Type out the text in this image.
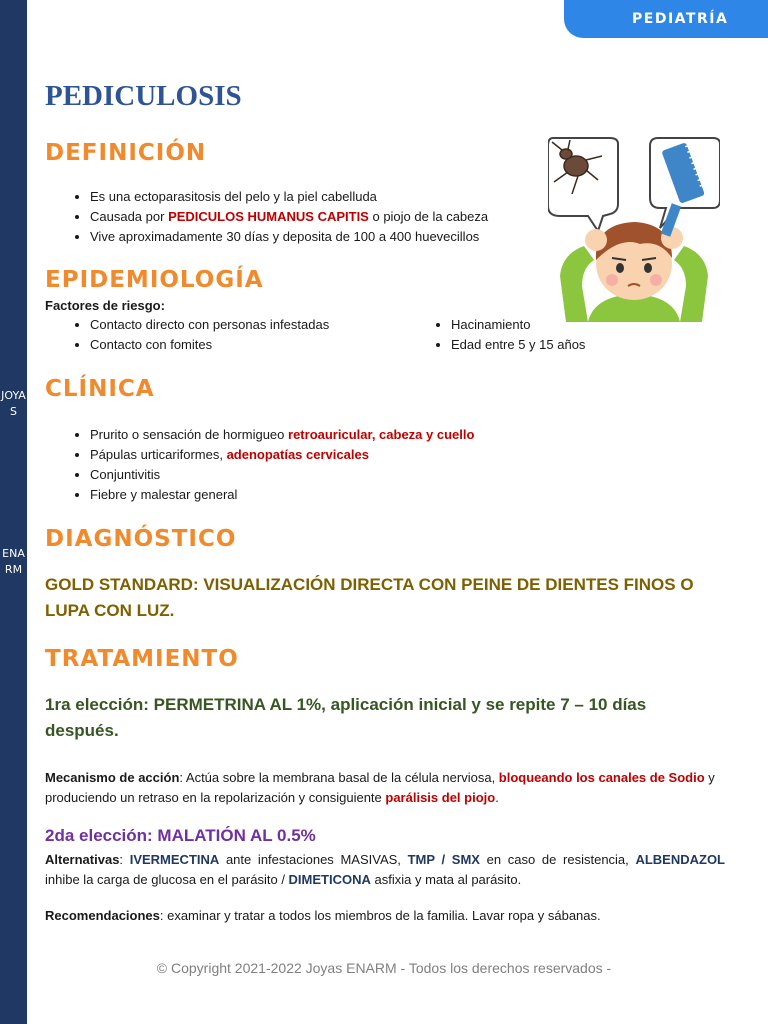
JOYAS
ENARM
PEDIATRÍA
PEDICULOSIS
DEFINICIÓN
• Es una ectoparasitosis del pelo y la piel cabelluda
• Causada por PEDICULOS HUMANUS CAPITIS o piojo de la cabeza
• Vive aproximadamente 30 días y deposita de 100 a 400 huevecillos
EPIDEMIOLOGÍA
Factores de riesgo:
• Contacto directo con personas infestadas
• Contacto con fomites
• Hacinamiento
• Edad entre 5 y 15 años
CLÍNICA
• Prurito o sensación de hormigueo retroauricular, cabeza y cuello
• Pápulas urticariformes, adenopatías cervicales
• Conjuntivitis
• Fiebre y malestar general
DIAGNÓSTICO

GOLD STANDARD: VISUALIZACIÓN DIRECTA CON PEINE DE DIENTES FINOS O LUPA CON LUZ.

TRATAMIENTO

1ra elección: PERMETRINA AL 1%, aplicación inicial y se repite 7 – 10 días después.

Mecanismo de acción: Actúa sobre la membrana basal de la célula nerviosa, bloqueando los canales de Sodio y produciendo un retraso en la repolarización y consiguiente parálisis del piojo.

2da elección: MALATIÓN AL 0.5%

Alternativas: IVERMECTINA ante infestaciones MASIVAS, TMP / SMX en caso de resistencia, ALBENDAZOL inhibe la carga de glucosa en el parásito / DIMETICONA asfixia y mata al parásito.

Recomendaciones: examinar y tratar a todos los miembros de la familia. Lavar ropa y sábanas.

© Copyright 2021-2022 Joyas ENARM - Todos los derechos reservados -
